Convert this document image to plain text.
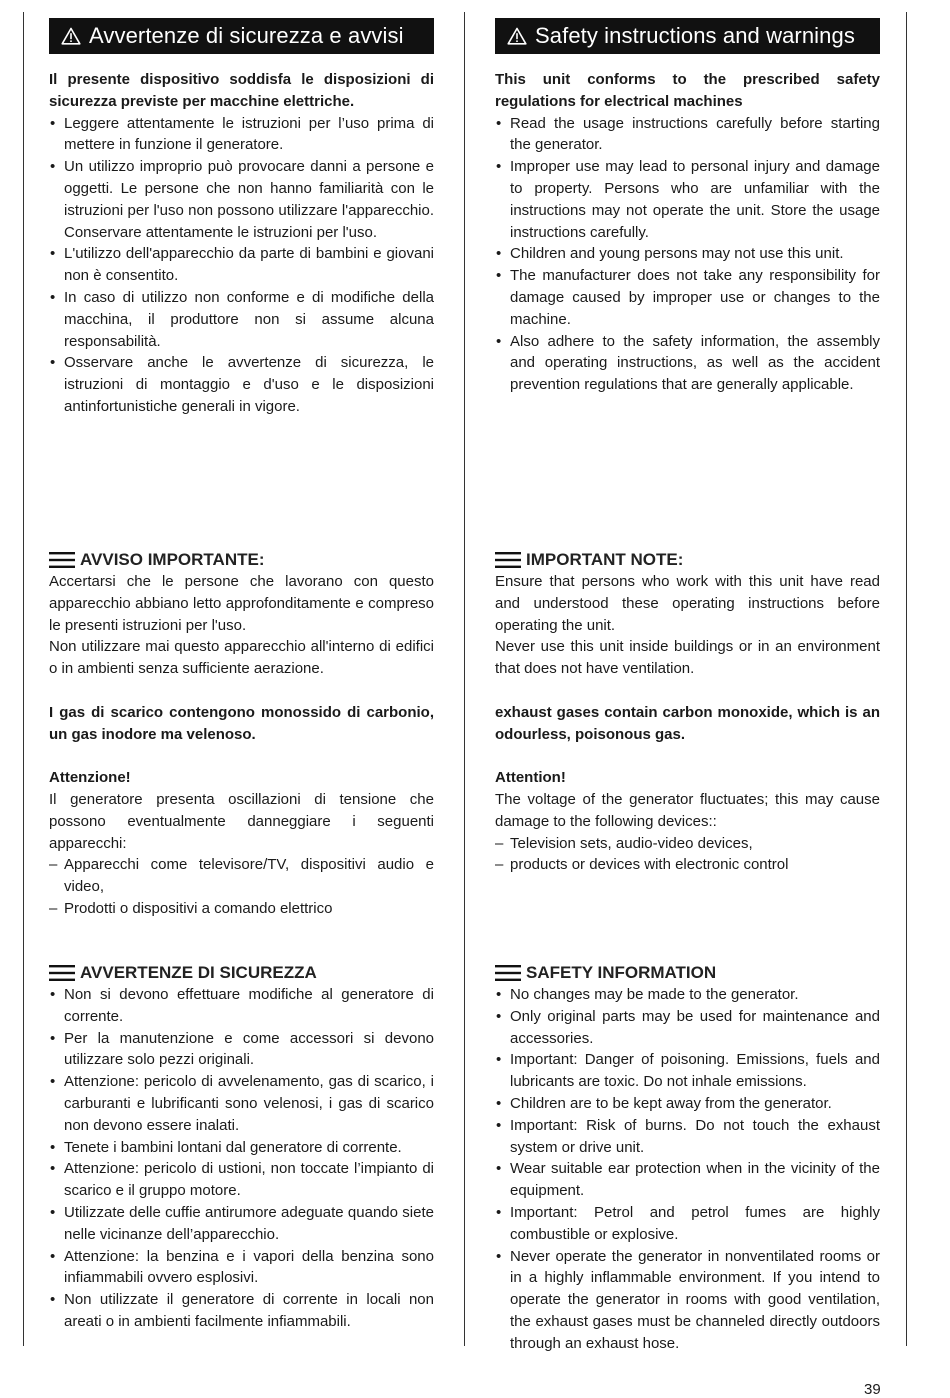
Avvertenze di sicurezza e avvisi

Il presente dispositivo soddisfa le disposizioni di sicurezza previste per macchine elettriche.

• Leggere attentamente le istruzioni per l’uso prima di mettere in funzione il generatore.
• Un utilizzo improprio può provocare danni a persone e oggetti. Le persone che non hanno familiarità con le istruzioni per l'uso non possono utilizzare l'apparecchio. Conservare attentamente le istruzioni per l'uso.
• L'utilizzo dell'apparecchio da parte di bambini e giovani non è consentito.
• In caso di utilizzo non conforme e di modifiche della macchina, il produttore non si assume alcuna responsabilità.
• Osservare anche le avvertenze di sicurezza, le istruzioni di montaggio e d'uso e le disposizioni antinfortunistiche generali in vigore.
AVVISO IMPORTANTE:

Accertarsi che le persone che lavorano con questo apparecchio abbiano letto approfonditamente e compreso le presenti istruzioni per l'uso.

Non utilizzare mai questo apparecchio all'interno di edifici o in ambienti senza sufficiente aerazione.

I gas di scarico contengono monossido di carbonio, un gas inodore ma velenoso.

Attenzione!

Il generatore presenta oscillazioni di tensione che possono eventualmente danneggiare i seguenti apparecchi:

– Apparecchi come televisore/TV, dispositivi audio e video,
– Prodotti o dispositivi a comando elettrico
AVVERTENZE DI SICUREZZA
• Non si devono effettuare modifiche al generatore di corrente.
• Per la manutenzione e come accessori si devono utilizzare solo pezzi originali.
• Attenzione: pericolo di avvelenamento, gas di scarico, i carburanti e lubrificanti sono velenosi, i gas di scarico non devono essere inalati.
• Tenete i bambini lontani dal generatore di corrente.
• Attenzione: pericolo di ustioni, non toccate l’impianto di scarico e il gruppo motore.
• Utilizzate delle cuffie antirumore adeguate quando siete nelle vicinanze dell’apparecchio.
• Attenzione: la benzina e i vapori della benzina sono infiammabili ovvero esplosivi.
• Non utilizzate il generatore di corrente in locali non areati o in ambienti facilmente infiammabili.
Safety instructions and warnings

This unit conforms to the prescribed safety regulations for electrical machines

• Read the usage instructions carefully before starting the generator.
• Improper use may lead to personal injury and damage to property. Persons who are unfamiliar with the instructions may not operate the unit. Store the usage instructions carefully.
• Children and young persons may not use this unit.
• The manufacturer does not take any responsibility for damage caused by improper use or changes to the machine.
• Also adhere to the safety information, the assembly and operating instructions, as well as the accident prevention regulations that are generally applicable.
IMPORTANT NOTE:

Ensure that persons who work with this unit have read and understood these operating instructions before operating the unit.

Never use this unit inside buildings or in an environment that does not have ventilation.

exhaust gases contain carbon monoxide, which is an odourless, poisonous gas.

Attention!

The voltage of the generator fluctuates; this may cause damage to the following devices::

– Television sets, audio-video devices,
– products or devices with electronic control
SAFETY INFORMATION
• No changes may be made to the generator.
• Only original parts may be used for maintenance and accessories.
• Important: Danger of poisoning. Emissions, fuels and lubricants are toxic. Do not inhale emissions.
• Children are to be kept away from the generator.
• Important: Risk of burns. Do not touch the exhaust system or drive unit.
• Wear suitable ear protection when in the vicinity of the equipment.
• Important: Petrol and petrol fumes are highly combustible or explosive.
• Never operate the generator in nonventilated rooms or in a highly inflammable environment. If you intend to operate the generator in rooms with good ventilation, the exhaust gases must be channeled directly outdoors through an exhaust hose.
39
